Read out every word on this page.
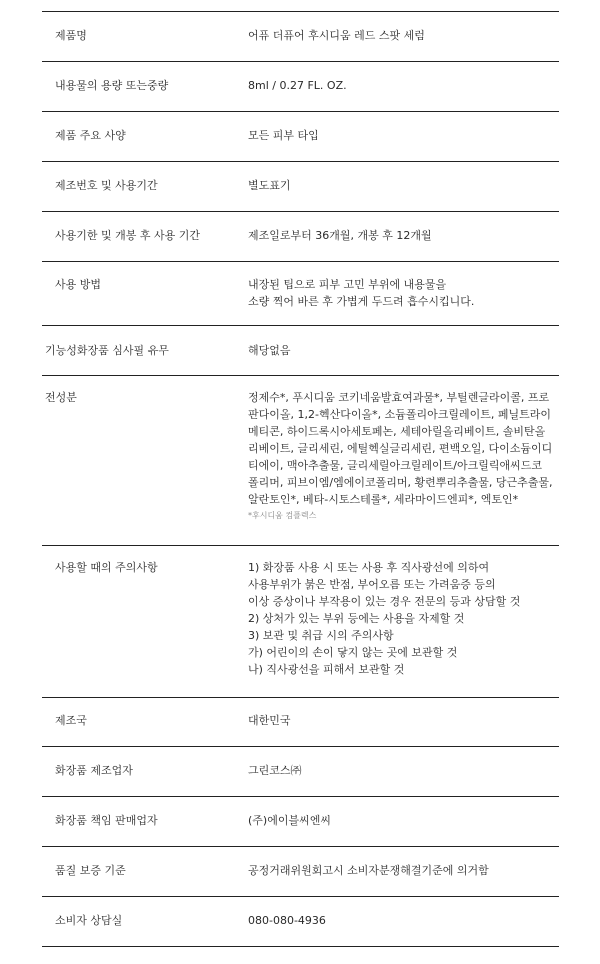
제품명	어퓨 더퓨어 후시디움 레드 스팟 세럼
내용물의 용량 또는중량	8ml / 0.27 FL. OZ.
제품 주요 사양	모든 피부 타입
제조번호 및 사용기간	별도표기
사용기한 및 개봉 후 사용 기간	제조일로부터 36개월, 개봉 후 12개월
사용 방법	내장된 팁으로 피부 고민 부위에 내용물을
소량 찍어 바른 후 가볍게 두드려 흡수시킵니다.
기능성화장품 심사필 유무	해당없음
전성분	정제수*, 푸시디움 코키네움발효여과물*, 부틸렌글라이콜, 프로
판다이올, 1,2-헥산다이올*, 소듐폴리아크릴레이트, 페닐트라이
메티콘, 하이드록시아세토페논, 세테아릴올리베이트, 솔비탄올
리베이트, 글리세린, 에틸헥실글리세린, 편백오일, 다이소듐이디
티에이, 맥아추출물, 글리세릴아크릴레이트/아크릴릭애씨드코
폴리머, 피브이엠/엠에이코폴리머, 황련뿌리추출물, 당근추출물,
알란토인*, 베타-시토스테롤*, 세라마이드엔피*, 엑토인*
*후시디움 컴플렉스
사용할 때의 주의사항	1) 화장품 사용 시 또는 사용 후 직사광선에 의하여
사용부위가 붉은 반점, 부어오름 또는 가려움증 등의
이상 증상이나 부작용이 있는 경우 전문의 등과 상담할 것
2) 상처가 있는 부위 등에는 사용을 자제할 것
3) 보관 및 취급 시의 주의사항
가) 어린이의 손이 닿지 않는 곳에 보관할 것
나) 직사광선을 피해서 보관할 것
제조국	대한민국
화장품 제조업자	그린코스㈜
화장품 책임 판매업자	(주)에이블씨엔씨
품질 보증 기준	공정거래위원회고시 소비자분쟁해결기준에 의거함
소비자 상담실	080-080-4936
